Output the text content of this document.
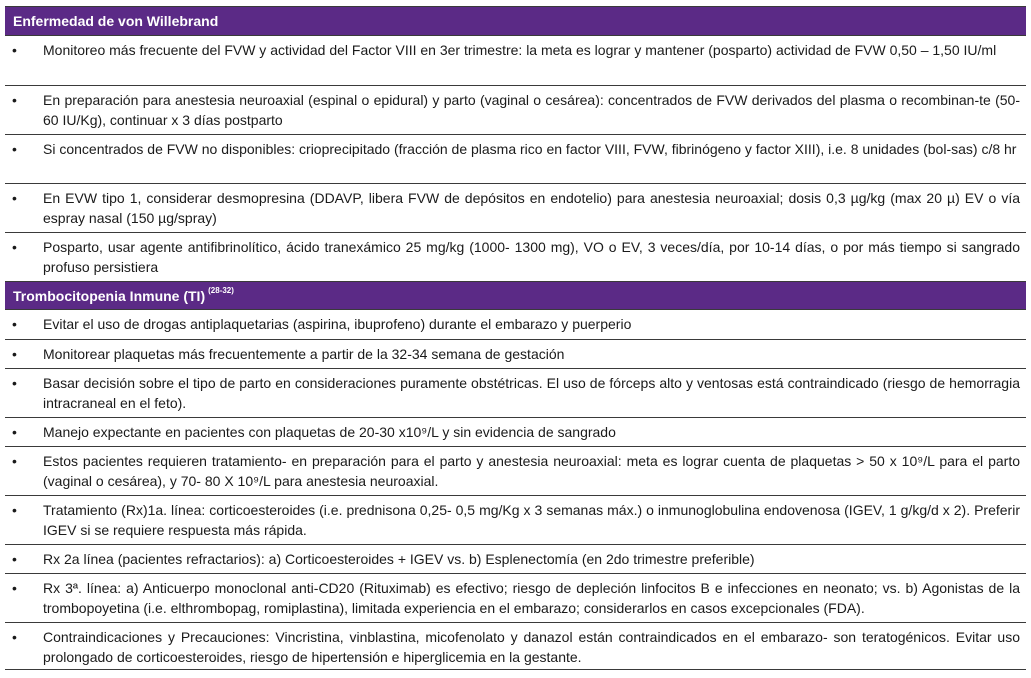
Enfermedad de von Willebrand
•	Monitoreo más frecuente del FVW y actividad del Factor VIII en 3er trimestre: la meta es lograr y mantener (posparto) actividad de FVW 0,50 – 1,50 IU/ml
•	En preparación para anestesia neuroaxial (espinal o epidural) y parto (vaginal o cesárea): concentrados de FVW derivados del plasma o recombinan-te (50- 60 IU/Kg), continuar x 3 días postparto
•	Si concentrados de FVW no disponibles: crioprecipitado (fracción de plasma rico en factor VIII, FVW, fibrinógeno y factor XIII), i.e. 8 unidades (bol-sas) c/8 hr
•	En EVW tipo 1, considerar desmopresina (DDAVP, libera FVW de depósitos en endotelio) para anestesia neuroaxial; dosis 0,3 µg/kg (max 20 µ) EV o vía espray nasal (150 µg/spray)
•	Posparto, usar agente antifibrinolítico, ácido tranexámico 25 mg/kg (1000- 1300 mg), VO o EV, 3 veces/día, por 10-14 días, o por más tiempo si sangrado profuso persistiera
Trombocitopenia Inmune (TI) $^{(28-32)}$
•	Evitar el uso de drogas antiplaquetarias (aspirina, ibuprofeno) durante el embarazo y puerperio
•	Monitorear plaquetas más frecuentemente a partir de la 32-34 semana de gestación
•	Basar decisión sobre el tipo de parto en consideraciones puramente obstétricas. El uso de fórceps alto y ventosas está contraindicado (riesgo de hemorragia intracraneal en el feto).
•	Manejo expectante en pacientes con plaquetas de 20-30 x10⁹/L y sin evidencia de sangrado
•	Estos pacientes requieren tratamiento- en preparación para el parto y anestesia neuroaxial: meta es lograr cuenta de plaquetas > 50 x 10⁹/L para el parto (vaginal o cesárea), y 70- 80 X 10⁹/L para anestesia neuroaxial.
•	Tratamiento (Rx)1a. línea: corticoesteroides (i.e. prednisona 0,25- 0,5 mg/Kg x 3 semanas máx.) o inmunoglobulina endovenosa (IGEV, 1 g/kg/d x 2). Preferir IGEV si se requiere respuesta más rápida.
•	Rx 2a línea (pacientes refractarios): a) Corticoesteroides + IGEV vs. b) Esplenectomía (en 2do trimestre preferible)
•	Rx 3ª. línea: a) Anticuerpo monoclonal anti-CD20 (Rituximab) es efectivo; riesgo de depleción linfocitos B e infecciones en neonato; vs. b) Agonistas de la trombopoyetina (i.e. elthrombopag, romiplastina), limitada experiencia en el embarazo; considerarlos en casos excepcionales (FDA).
•	Contraindicaciones y Precauciones: Vincristina, vinblastina, micofenolato y danazol están contraindicados en el embarazo- son teratogénicos. Evitar uso prolongado de corticoesteroides, riesgo de hipertensión e hiperglicemia en la gestante.
